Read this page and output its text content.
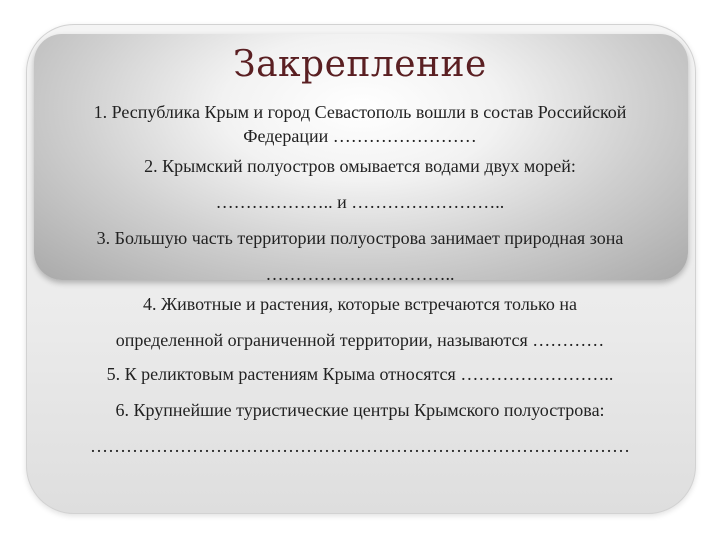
Закрепление
1. Республика Крым и город Севастополь вошли в состав Российской
Федерации ……………………
2. Крымский полуостров омывается водами двух морей:
……………….. и ……………………..
3. Большую часть территории полуострова занимает природная зона
…………………………..
4. Животные и растения, которые встречаются только на
определенной ограниченной территории, называются …………
5. К реликтовым растениям Крыма относятся ……………………..
6. Крупнейшие туристические центры Крымского полуострова:
………………………………………………………………………………
